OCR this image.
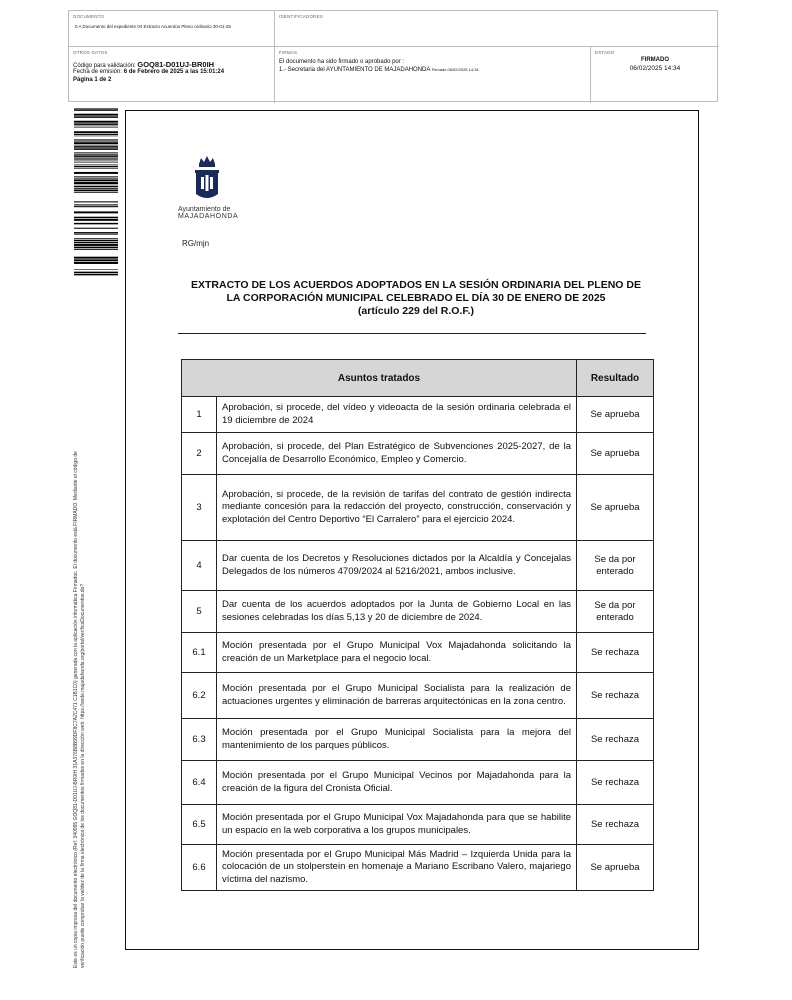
DOCUMENTO
0 A Documento del expediente 04 Extracto Acuerdos Pleno ordinario 30-01-25
IDENTIFICADORES
OTROS DATOS
Código para validación: GOQ81-D01UJ-BR0IH
Fecha de emisión: 6 de Febrero de 2025 a las 15:01:24
Página 1 de 2
FIRMAS
El documento ha sido firmado o aprobado por :
1.- Secretaria del AYUNTAMIENTO DE MAJADAHONDA Firmado 06/02/2025 14:34
ESTADO
FIRMADO
06/02/2025 14:34
Este es un copia impresa del documento electrónico (Ref: 340995 GOQ81-D01UJ-BR0IH 31A376B8B99DF8C7A2C471 C1B1C0) generada con la aplicación informática Firmadoc. El documento está FIRMADO. Mediante el código de verificación puede comprobar la validez de la firma electrónica de los documentos firmados en la dirección web: https://sede.majadahonda.org/portal/verificaDocumentos.do?
Ayuntamiento de
MAJADAHONDA
RG/mjn
EXTRACTO DE LOS ACUERDOS ADOPTADOS EN LA SESIÓN ORDINARIA DEL PLENO DE
LA CORPORACIÓN MUNICIPAL CELEBRADO EL DÍA 30 DE ENERO DE 2025
(artículo 229 del R.O.F.)
Asuntos tratados		Resultado
1	Aprobación, si procede, del vídeo y videoacta de la sesión ordinaria celebrada el 19 diciembre de 2024	Se aprueba
2	Aprobación, si procede, del Plan Estratégico de Subvenciones 2025-2027, de la Concejalía de Desarrollo Económico, Empleo y Comercio.	Se aprueba
3	Aprobación, si procede, de la revisión de tarifas del contrato de gestión indirecta mediante concesión para la redacción del proyecto, construcción, conservación y explotación del Centro Deportivo “El Carralero” para el ejercicio 2024.	Se aprueba
4	Dar cuenta de los Decretos y Resoluciones dictados por la Alcaldía y Concejalas Delegados de los números 4709/2024 al 5216/2021, ambos inclusive.	Se da por enterado
5	Dar cuenta de los acuerdos adoptados por la Junta de Gobierno Local en las sesiones celebradas los días 5,13 y 20 de diciembre de 2024.	Se da por enterado
6.1	Moción presentada por el Grupo Municipal Vox Majadahonda solicitando la creación de un Marketplace para el negocio local.	Se rechaza
6.2	Moción presentada por el Grupo Municipal Socialista para la realización de actuaciones urgentes y eliminación de barreras arquitectónicas en la zona centro.	Se rechaza
6.3	Moción presentada por el Grupo Municipal Socialista para la mejora del mantenimiento de los parques públicos.	Se rechaza
6.4	Moción presentada por el Grupo Municipal Vecinos por Majadahonda para la creación de la figura del Cronista Oficial.	Se rechaza
6.5	Moción presentada por el Grupo Municipal Vox Majadahonda para que se habilite un espacio en la web corporativa a los grupos municipales.	Se rechaza
6.6	Moción presentada por el Grupo Municipal Más Madrid – Izquierda Unida para la colocación de un stolperstein en homenaje a Mariano Escribano Valero, majariego víctima del nazismo.	Se aprueba
